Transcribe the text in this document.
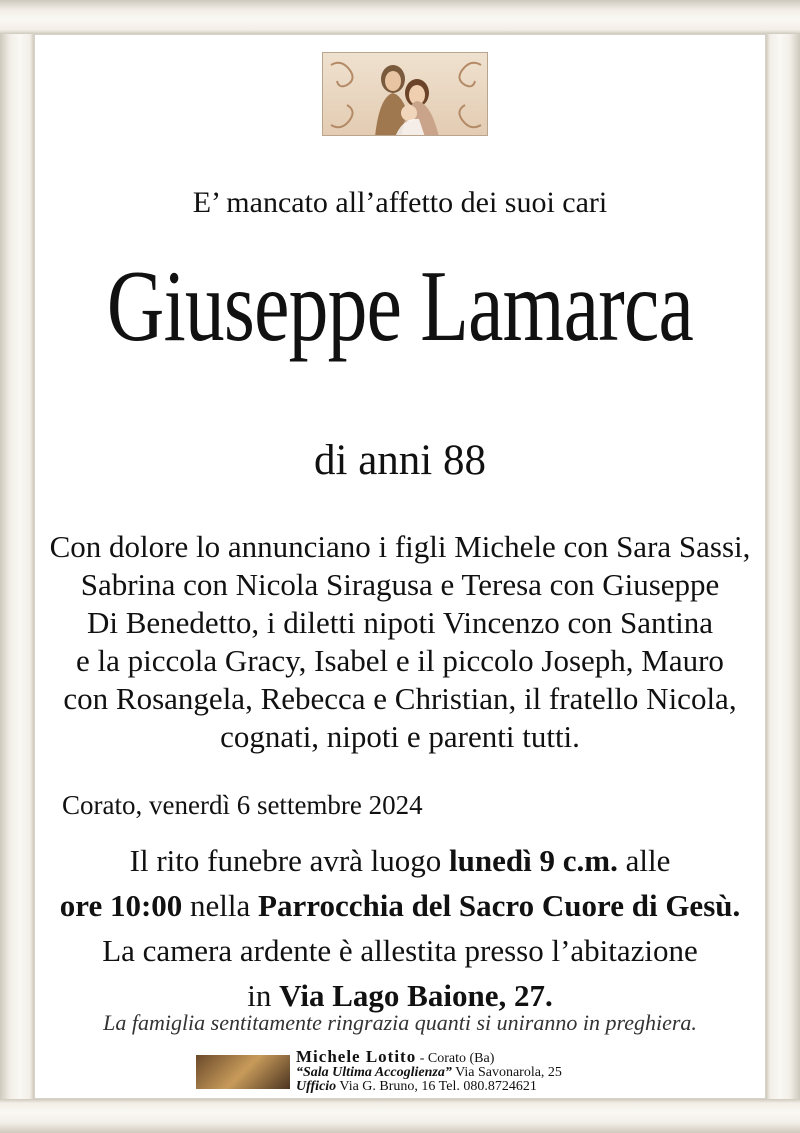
E’ mancato all’affetto dei suoi cari
Giuseppe Lamarca
di anni 88
Con dolore lo annunciano i figli Michele con Sara Sassi,
Sabrina con Nicola Siragusa e Teresa con Giuseppe
Di Benedetto, i diletti nipoti Vincenzo con Santina
e la piccola Gracy, Isabel e il piccolo Joseph, Mauro
con Rosangela, Rebecca e Christian, il fratello Nicola,
cognati, nipoti e parenti tutti.
Corato, venerdì 6 settembre 2024
Il rito funebre avrà luogo lunedì 9 c.m. alle
ore 10:00 nella Parrocchia del Sacro Cuore di Gesù.
La camera ardente è allestita presso l’abitazione
in Via Lago Baione, 27.
La famiglia sentitamente ringrazia quanti si uniranno in preghiera.
Michele Lotito - Corato (Ba)
“Sala Ultima Accoglienza” Via Savonarola, 25
Ufficio Via G. Bruno, 16 Tel. 080.8724621
